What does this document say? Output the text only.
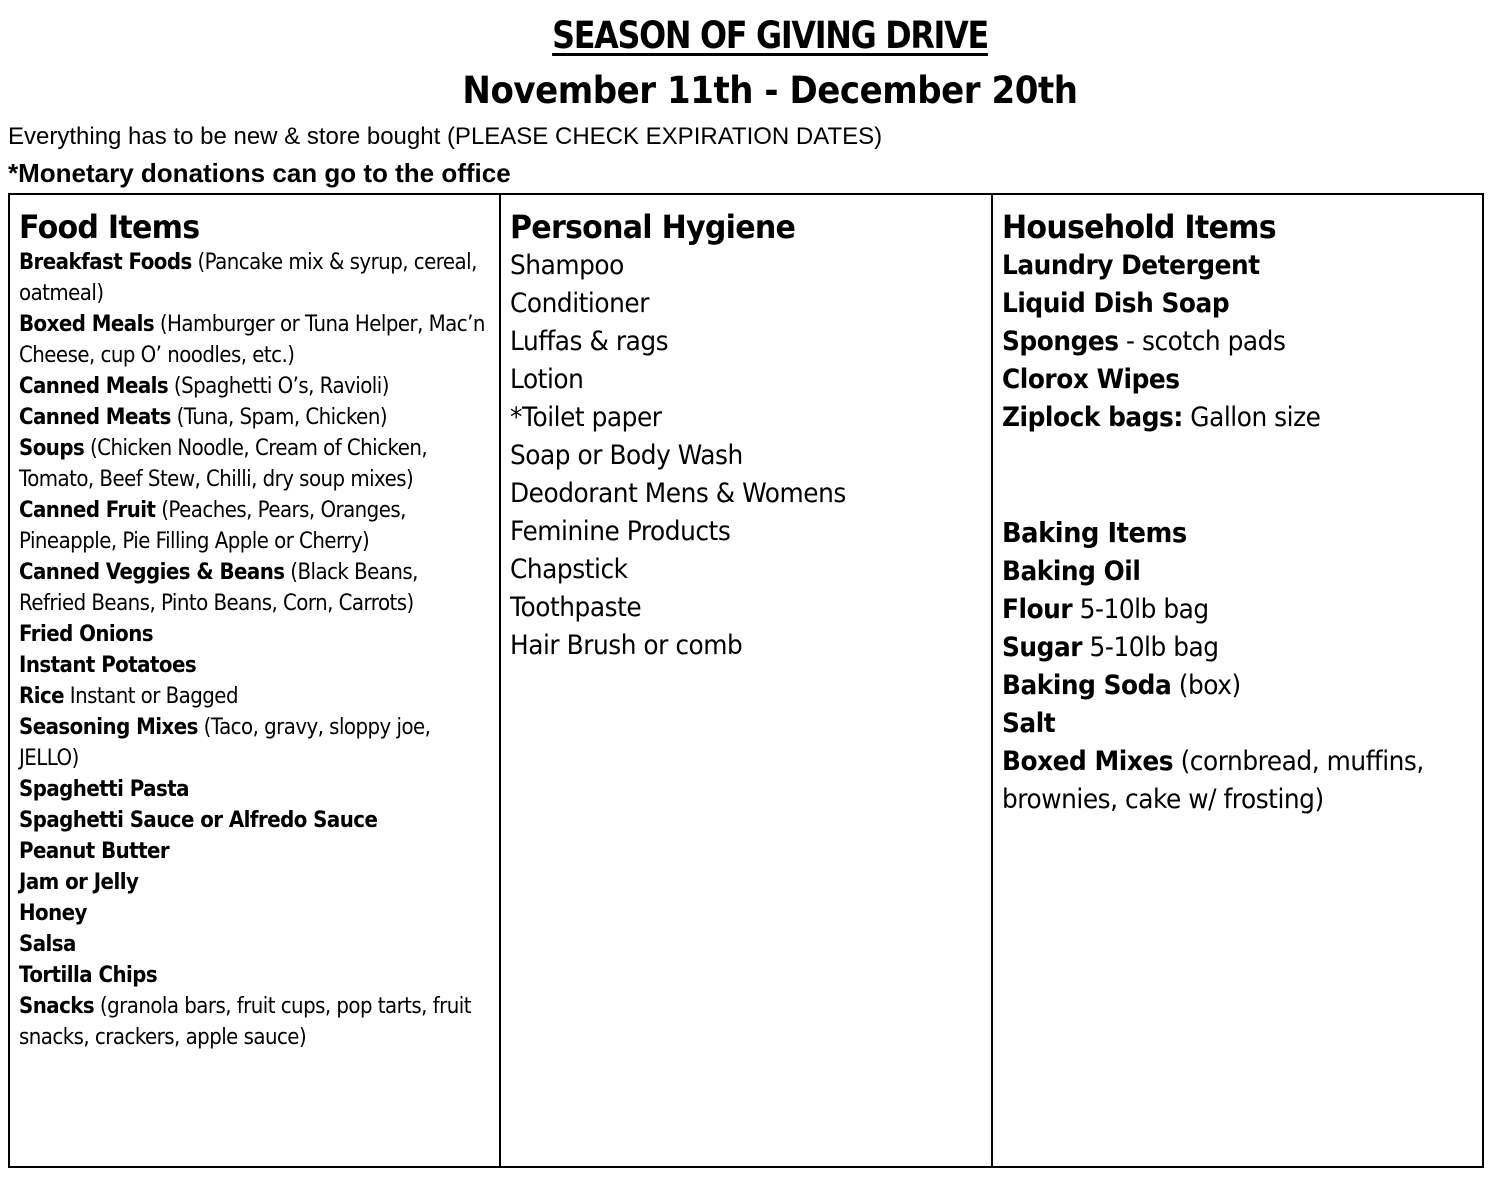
SEASON OF GIVING DRIVE
November 11th - December 20th
Everything has to be new & store bought (PLEASE CHECK EXPIRATION DATES)
*Monetary donations can go to the office
Food Items
Breakfast Foods (Pancake mix & syrup, cereal, oatmeal)
Boxed Meals (Hamburger or Tuna Helper, Mac’n Cheese, cup O’ noodles, etc.)
Canned Meals (Spaghetti O’s, Ravioli)
Canned Meats (Tuna, Spam, Chicken)
Soups (Chicken Noodle, Cream of Chicken, Tomato, Beef Stew, Chilli, dry soup mixes)
Canned Fruit (Peaches, Pears, Oranges, Pineapple, Pie Filling Apple or Cherry)
Canned Veggies & Beans (Black Beans, Refried Beans, Pinto Beans, Corn, Carrots)
Fried Onions
Instant Potatoes
Rice Instant or Bagged
Seasoning Mixes (Taco, gravy, sloppy joe, JELLO)
Spaghetti Pasta
Spaghetti Sauce or Alfredo Sauce
Peanut Butter
Jam or Jelly
Honey
Salsa
Tortilla Chips
Snacks (granola bars, fruit cups, pop tarts, fruit snacks, crackers, apple sauce)
Personal Hygiene
Shampoo
Conditioner
Luffas & rags
Lotion
*Toilet paper
Soap or Body Wash
Deodorant Mens & Womens
Feminine Products
Chapstick
Toothpaste
Hair Brush or comb
Household Items
Laundry Detergent
Liquid Dish Soap
Sponges - scotch pads
Clorox Wipes
Ziplock bags: Gallon size
Baking Items
Baking Oil
Flour 5-10lb bag
Sugar 5-10lb bag
Baking Soda (box)
Salt
Boxed Mixes (cornbread, muffins, brownies, cake w/ frosting)
